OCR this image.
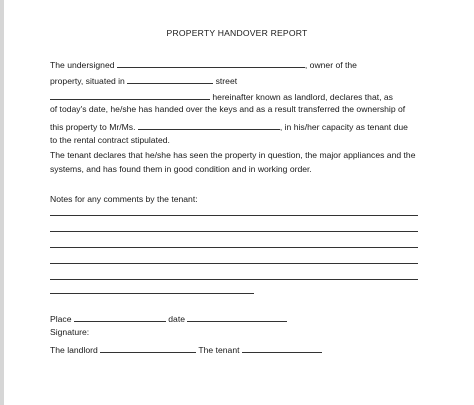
PROPERTY HANDOVER REPORT
The undersigned	, owner of the
property, situated in	street
hereinafter known as landlord, declares that, as
of today's date, he/she has handed over the keys and as a result transferred the ownership of
this property to Mr/Ms.	, in his/her capacity as tenant due
to the rental contract stipulated.
The tenant declares that he/she has seen the property in question, the major appliances and the
systems, and has found them in good condition and in working order.
Notes for any comments by the tenant:
Place	date
Signature:
The landlord	The tenant
